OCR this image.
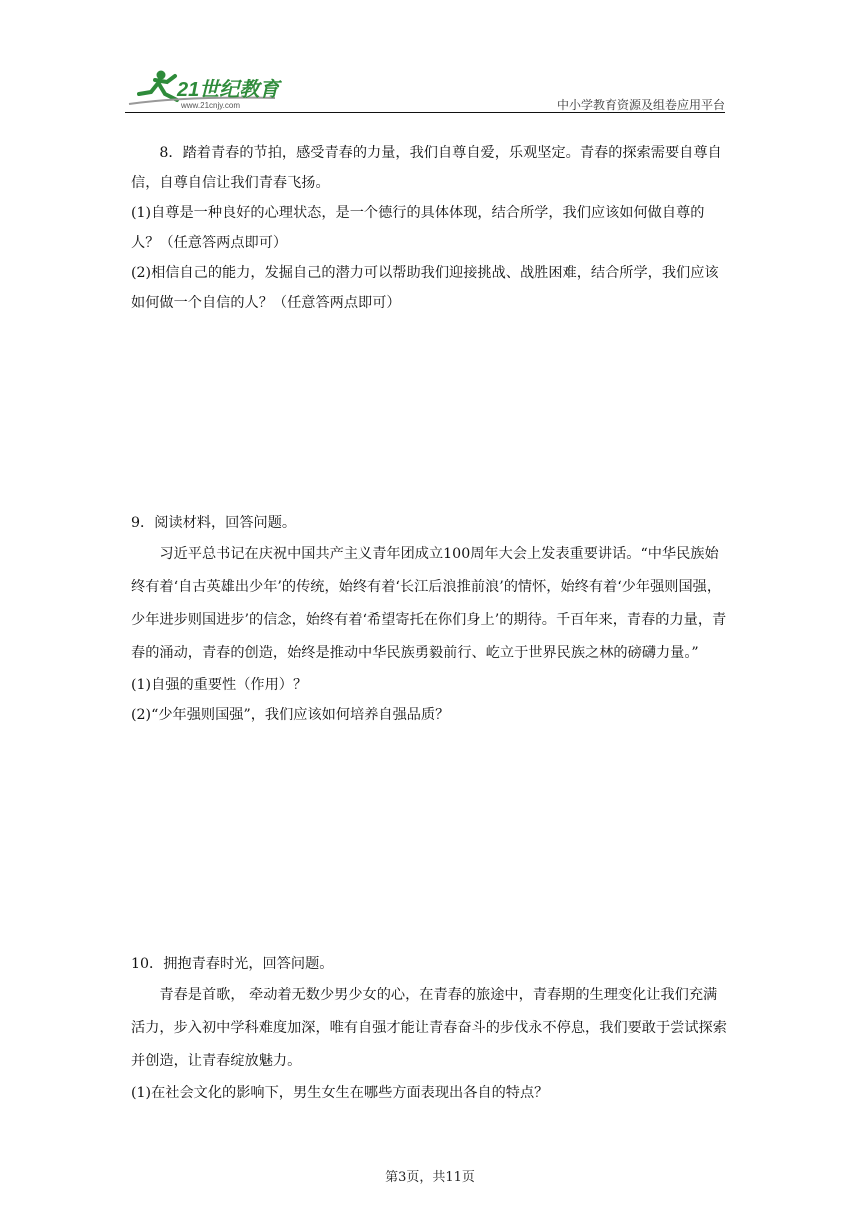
21世纪教育
www.21cnjy.com	中小学教育资源及组卷应用平台

8．踏着青春的节拍，感受青春的力量，我们自尊自爱，乐观坚定。青春的探索需要自尊自信，自尊自信让我们青春飞扬。

(1)自尊是一种良好的心理状态，是一个德行的具体体现，结合所学，我们应该如何做自尊的人？（任意答两点即可）

(2)相信自己的能力，发掘自己的潜力可以帮助我们迎接挑战、战胜困难，结合所学，我们应该如何做一个自信的人？（任意答两点即可）

9．阅读材料，回答问题。

习近平总书记在庆祝中国共产主义青年团成立100周年大会上发表重要讲话。“中华民族始终有着‘自古英雄出少年’的传统，始终有着‘长江后浪推前浪’的情怀，始终有着‘少年强则国强，少年进步则国进步’的信念，始终有着‘希望寄托在你们身上’的期待。千百年来，青春的力量，青春的涌动，青春的创造，始终是推动中华民族勇毅前行、屹立于世界民族之林的磅礴力量。”

(1)自强的重要性（作用）？

(2)“少年强则国强”，我们应该如何培养自强品质？

10．拥抱青春时光，回答问题。

青春是首歌， 牵动着无数少男少女的心，在青春的旅途中，青春期的生理变化让我们充满活力，步入初中学科难度加深，唯有自强才能让青春奋斗的步伐永不停息，我们要敢于尝试探索并创造，让青春绽放魅力。

(1)在社会文化的影响下，男生女生在哪些方面表现出各自的特点？

第3页，共11页
